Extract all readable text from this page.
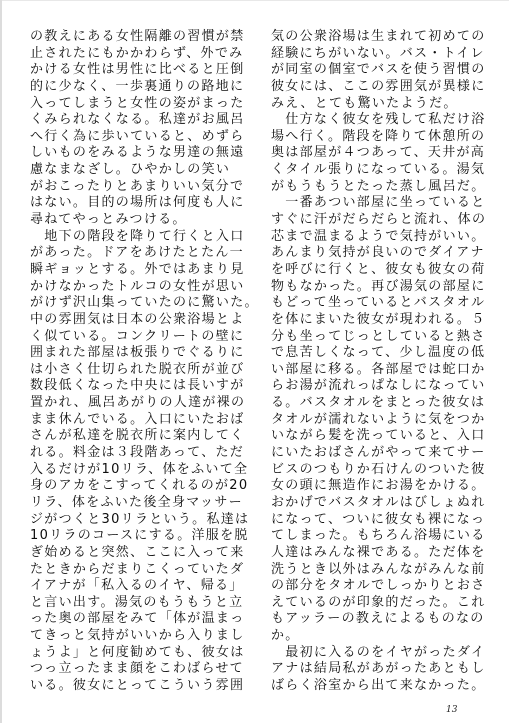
の教えにある女性隔離の習慣が禁
止されたにもかかわらず、外でみ
かける女性は男性に比べると圧倒
的に少なく、一歩裏通りの路地に
入ってしまうと女性の姿がまった
くみられなくなる。私達がお風呂
へ行く為に歩いていると、めずら
しいものをみるような男達の無遠
慮なまなざし。ひやかしの笑い
がおこったりとあまりいい気分で
はない。目的の場所は何度も人に
尋ねてやっとみつける。
　地下の階段を降りて行くと入口
があった。ドアをあけたとたん一
瞬ギョッとする。外ではあまり見
かけなかったトルコの女性が思い
がけず沢山集っていたのに驚いた。
中の雰囲気は日本の公衆浴場とよ
く似ている。コンクリートの壁に
囲まれた部屋は板張りでぐるりに
は小さく仕切られた脱衣所が並び
数段低くなった中央には長いすが
置かれ、風呂あがりの人達が裸の
まま休んでいる。入口にいたおば
さんが私達を脱衣所に案内してく
れる。料金は３段階あって、ただ
入るだけが10リラ、体をふいて全
身のアカをこすってくれるのが20
リラ、体をふいた後全身マッサー
ジがつくと30リラという。私達は
10リラのコースにする。洋服を脱
ぎ始めると突然、ここに入って来
たときからだまりこくっていたダ
イアナが「私入るのイヤ、帰る」
と言い出す。湯気のもうもうと立
った奥の部屋をみて「体が温まっ
てきっと気持がいいから入りまし
ょうよ」と何度勧めても、彼女は
つっ立ったまま顔をこわばらせて
いる。彼女にとってこういう雰囲
気の公衆浴場は生まれて初めての
経験にちがいない。バス・トイレ
が同室の個室でバスを使う習慣の
彼女には、ここの雰囲気が異様に
みえ、とても驚いたようだ。
　仕方なく彼女を残して私だけ浴
場へ行く。階段を降りて休憩所の
奥は部屋が４つあって、天井が高
くタイル張りになっている。湯気
がもうもうとたった蒸し風呂だ。
　一番あつい部屋に坐っていると
すぐに汗がだらだらと流れ、体の
芯まで温まるようで気持がいい。
あんまり気持が良いのでダイアナ
を呼びに行くと、彼女も彼女の荷
物もなかった。再び湯気の部屋に
もどって坐っているとバスタオル
を体にまいた彼女が現われる。５
分も坐ってじっとしていると熱さ
で息苦しくなって、少し温度の低
い部屋に移る。各部屋では蛇口か
らお湯が流れっぱなしになってい
る。バスタオルをまとった彼女は
タオルが濡れないように気をつか
いながら髪を洗っていると、入口
にいたおばさんがやって来てサー
ビスのつもりか石けんのついた彼
女の頭に無造作にお湯をかける。
おかげでバスタオルはびしょぬれ
になって、ついに彼女も裸になっ
てしまった。もちろん浴場にいる
人達はみんな裸である。ただ体を
洗うとき以外はみんながみんな前
の部分をタオルでしっかりとおさ
えているのが印象的だった。これ
もアッラーの教えによるものなの
か。
　最初に入るのをイヤがったダイ
アナは結局私があがったあともし
ばらく浴室から出て来なかった。
13
